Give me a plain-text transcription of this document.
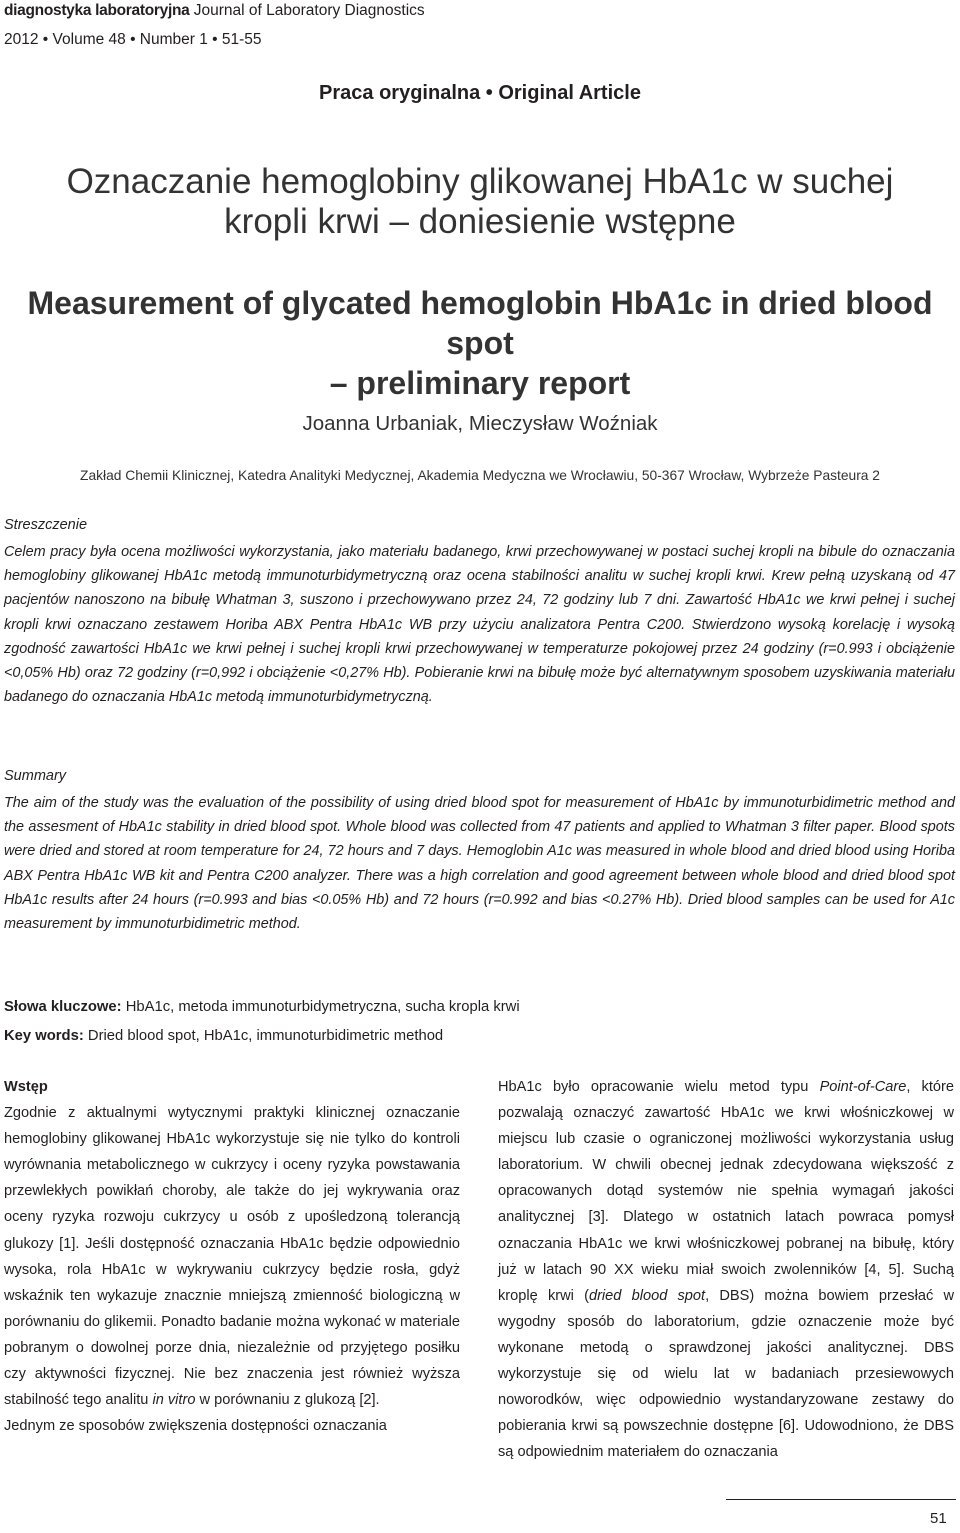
diagnostyka laboratoryjna Journal of Laboratory Diagnostics
2012 • Volume 48 • Number 1 • 51-55
Praca oryginalna • Original Article
Oznaczanie hemoglobiny glikowanej HbA1c w suchej
kropli krwi – doniesienie wstępne
Measurement of glycated hemoglobin HbA1c in dried blood spot
– preliminary report
Joanna Urbaniak, Mieczysław Woźniak
Zakład Chemii Klinicznej, Katedra Analityki Medycznej, Akademia Medyczna we Wrocławiu, 50-367 Wrocław, Wybrzeże Pasteura 2
Streszczenie

Celem pracy była ocena możliwości wykorzystania, jako materiału badanego, krwi przechowywanej w postaci suchej kropli na bibule do oznaczania hemoglobiny glikowanej HbA1c metodą immunoturbidymetryczną oraz ocena stabilności analitu w suchej kropli krwi. Krew pełną uzyskaną od 47 pacjentów nanoszono na bibułę Whatman 3, suszono i przechowywano przez 24, 72 godziny lub 7 dni. Zawartość HbA1c we krwi pełnej i suchej kropli krwi oznaczano zestawem Horiba ABX Pentra HbA1c WB przy użyciu analizatora Pentra C200. Stwierdzono wysoką korelację i wysoką zgodność zawartości HbA1c we krwi pełnej i suchej kropli krwi przechowywanej w temperaturze pokojowej przez 24 godziny (r=0.993 i obciążenie <0,05% Hb) oraz 72 godziny (r=0,992 i obciążenie <0,27% Hb). Pobieranie krwi na bibułę może być alternatywnym sposobem uzyskiwania materiału badanego do oznaczania HbA1c metodą immunoturbidymetryczną.

Summary

The aim of the study was the evaluation of the possibility of using dried blood spot for measurement of HbA1c by immunoturbidimetric method and the assesment of HbA1c stability in dried blood spot. Whole blood was collected from 47 patients and applied to Whatman 3 filter paper. Blood spots were dried and stored at room temperature for 24, 72 hours and 7 days. Hemoglobin A1c was measured in whole blood and dried blood using Horiba ABX Pentra HbA1c WB kit and Pentra C200 analyzer. There was a high correlation and good agreement between whole blood and dried blood spot HbA1c results after 24 hours (r=0.993 and bias <0.05% Hb) and 72 hours (r=0.992 and bias <0.27% Hb). Dried blood samples can be used for A1c measurement by immunoturbidimetric method.

Słowa kluczowe: HbA1c, metoda immunoturbidymetryczna, sucha kropla krwi
Key words: Dried blood spot, HbA1c, immunoturbidimetric method
Wstęp
Zgodnie z aktualnymi wytycznymi praktyki klinicznej oznaczanie hemoglobiny glikowanej HbA1c wykorzystuje się nie tylko do kontroli wyrównania metabolicznego w cukrzycy i oceny ryzyka powstawania przewlekłych powikłań choroby, ale także do jej wykrywania oraz oceny ryzyka rozwoju cukrzycy u osób z upośledzoną tolerancją glukozy [1]. Jeśli dostępność oznaczania HbA1c będzie odpowiednio wysoka, rola HbA1c w wykrywaniu cukrzycy będzie rosła, gdyż wskaźnik ten wykazuje znacznie mniejszą zmienność biologiczną w porównaniu do glikemii. Ponadto badanie można wykonać w materiale pobranym o dowolnej porze dnia, niezależnie od przyjętego posiłku czy aktywności fizycznej. Nie bez znaczenia jest również wyższa stabilność tego analitu in vitro w porównaniu z glukozą [2].
Jednym ze sposobów zwiększenia dostępności oznaczania
HbA1c było opracowanie wielu metod typu Point-of-Care, które pozwalają oznaczyć zawartość HbA1c we krwi włośniczkowej w miejscu lub czasie o ograniczonej możliwości wykorzystania usług laboratorium. W chwili obecnej jednak zdecydowana większość z opracowanych dotąd systemów nie spełnia wymagań jakości analitycznej [3]. Dlatego w ostatnich latach powraca pomysł oznaczania HbA1c we krwi włośniczkowej pobranej na bibułę, który już w latach 90 XX wieku miał swoich zwolenników [4, 5]. Suchą kroplę krwi (dried blood spot, DBS) można bowiem przesłać w wygodny sposób do laboratorium, gdzie oznaczenie może być wykonane metodą o sprawdzonej jakości analitycznej. DBS wykorzystuje się od wielu lat w badaniach przesiewowych noworodków, więc odpowiednio wystandaryzowane zestawy do pobierania krwi są powszechnie dostępne [6]. Udowodniono, że DBS są odpowiednim materiałem do oznaczania
51
